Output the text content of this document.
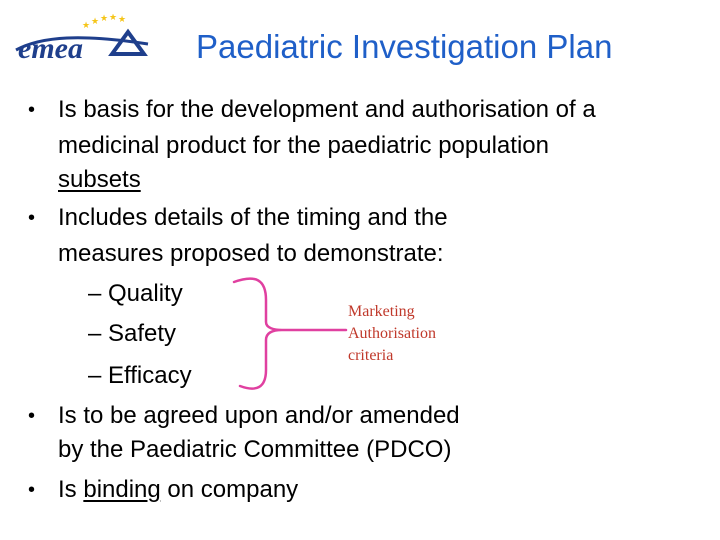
★ ★ ★ ★ ★
emea	Paediatric Investigation Plan
• Is basis for the development and authorisation of a
medicinal product for the paediatric population
subsets
• Includes details of the timing and the
measures proposed to demonstrate:
– Quality
– Safety
– Efficacy
Marketing
Authorisation
criteria
• Is to be agreed upon and/or amended
by the Paediatric Committee (PDCO)
• Is binding on company
